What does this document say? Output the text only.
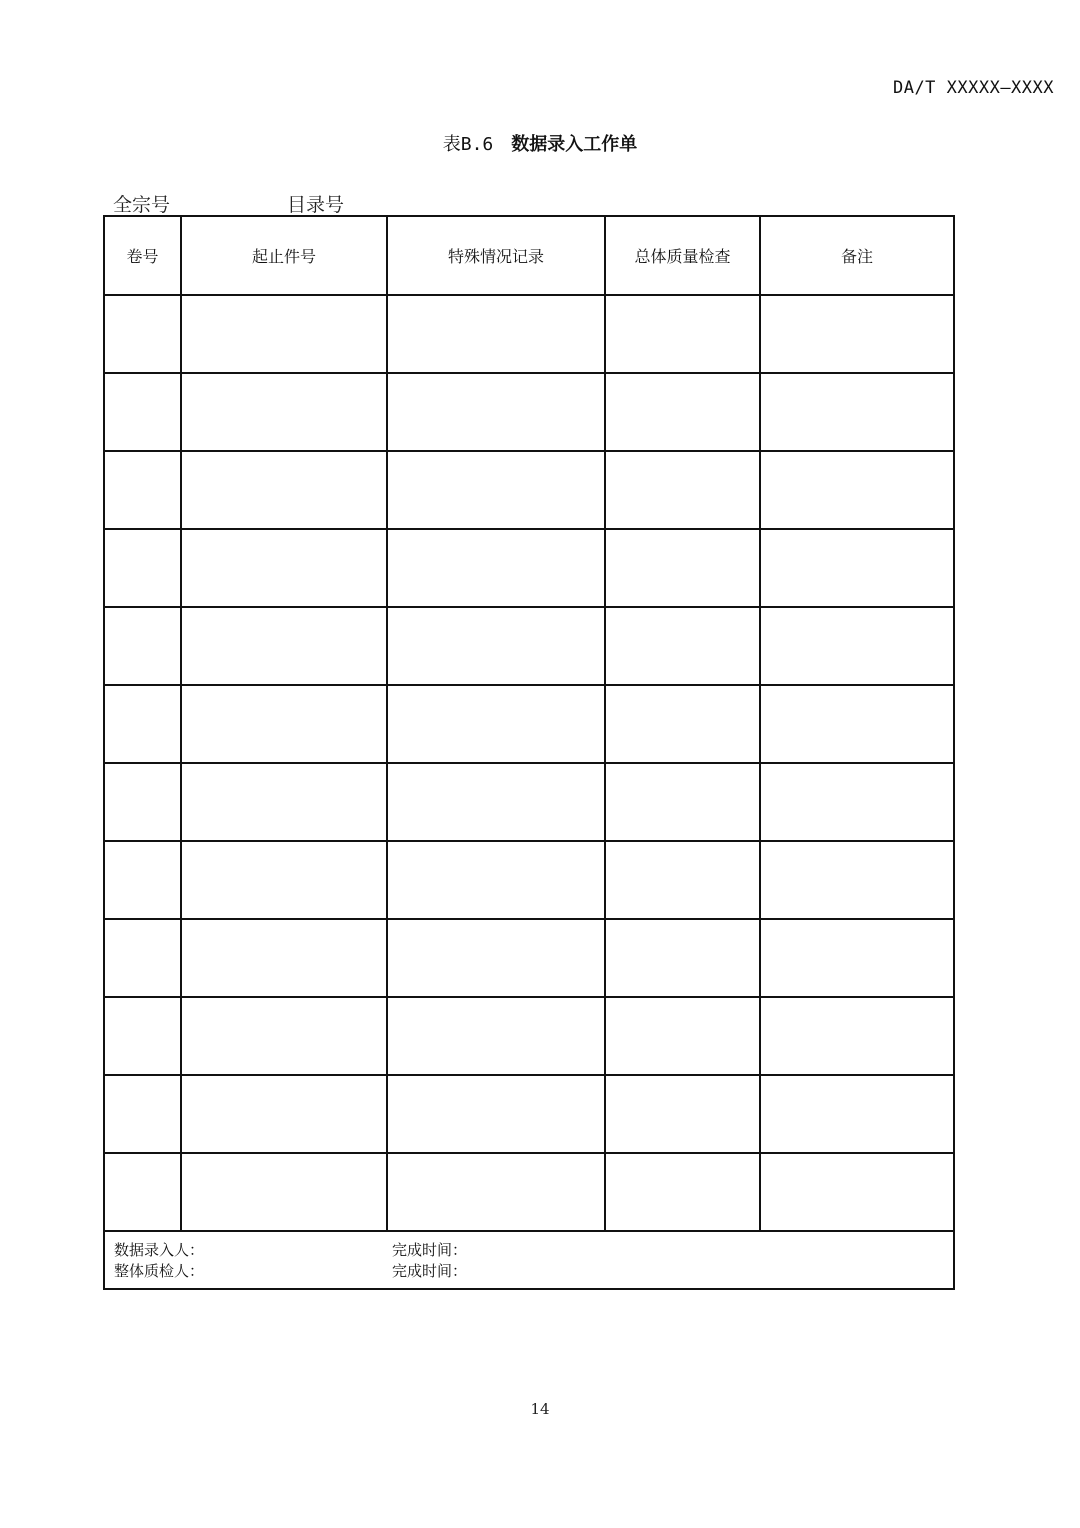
DA/T XXXXX—XXXX
表B.6 数据录入工作单
全宗号	目录号
卷号	起止件号	特殊情况记录	总体质量检查	备注

数据录入人： 完成时间：
整体质检人： 完成时间：				
14
